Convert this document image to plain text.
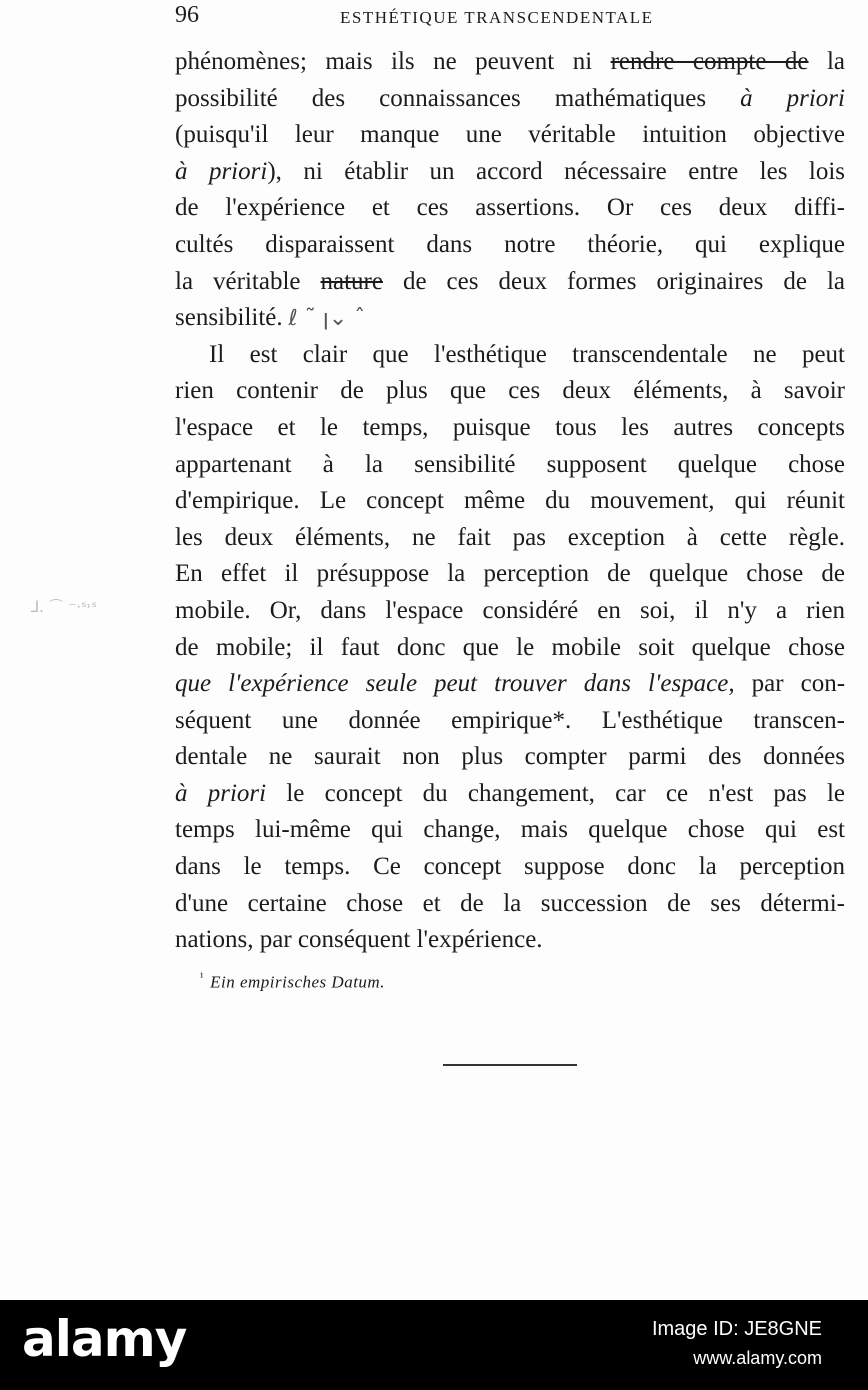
96	ESTHÉTIQUE TRANSCENDENTALE
phénomènes; mais ils ne peuvent ni rendre compte de la
possibilité des connaissances mathématiques à priori
(puisqu'il leur manque une véritable intuition objective
à priori), ni établir un accord nécessaire entre les lois
de l'expérience et ces assertions. Or ces deux diffi-
cultés disparaissent dans notre théorie, qui explique
la véritable nature de ces deux formes originaires de la
sensibilité. ℓ ˜ ꞁ⌄ ˆ
Il est clair que l'esthétique transcendentale ne peut
rien contenir de plus que ces deux éléments, à savoir
l'espace et le temps, puisque tous les autres concepts
appartenant à la sensibilité supposent quelque chose
d'empirique. Le concept même du mouvement, qui réunit
les deux éléments, ne fait pas exception à cette règle.
En effet il présuppose la perception de quelque chose de
mobile. Or, dans l'espace considéré en soi, il n'y a rien
de mobile; il faut donc que le mobile soit quelque chose
que l'expérience seule peut trouver dans l'espace, par con-
séquent une donnée empirique*. L'esthétique transcen-
dentale ne saurait non plus compter parmi des données
à priori le concept du changement, car ce n'est pas le
temps lui-même qui change, mais quelque chose qui est
dans le temps. Ce concept suppose donc la perception
d'une certaine chose et de la succession de ses détermi-
nations, par conséquent l'expérience.
$^{^1}$ Ein empirisches Datum.
ᒧ. ⌒ ⁻·ˢ˒ˢ
alamy	Image ID: JE8GNE
www.alamy.com
